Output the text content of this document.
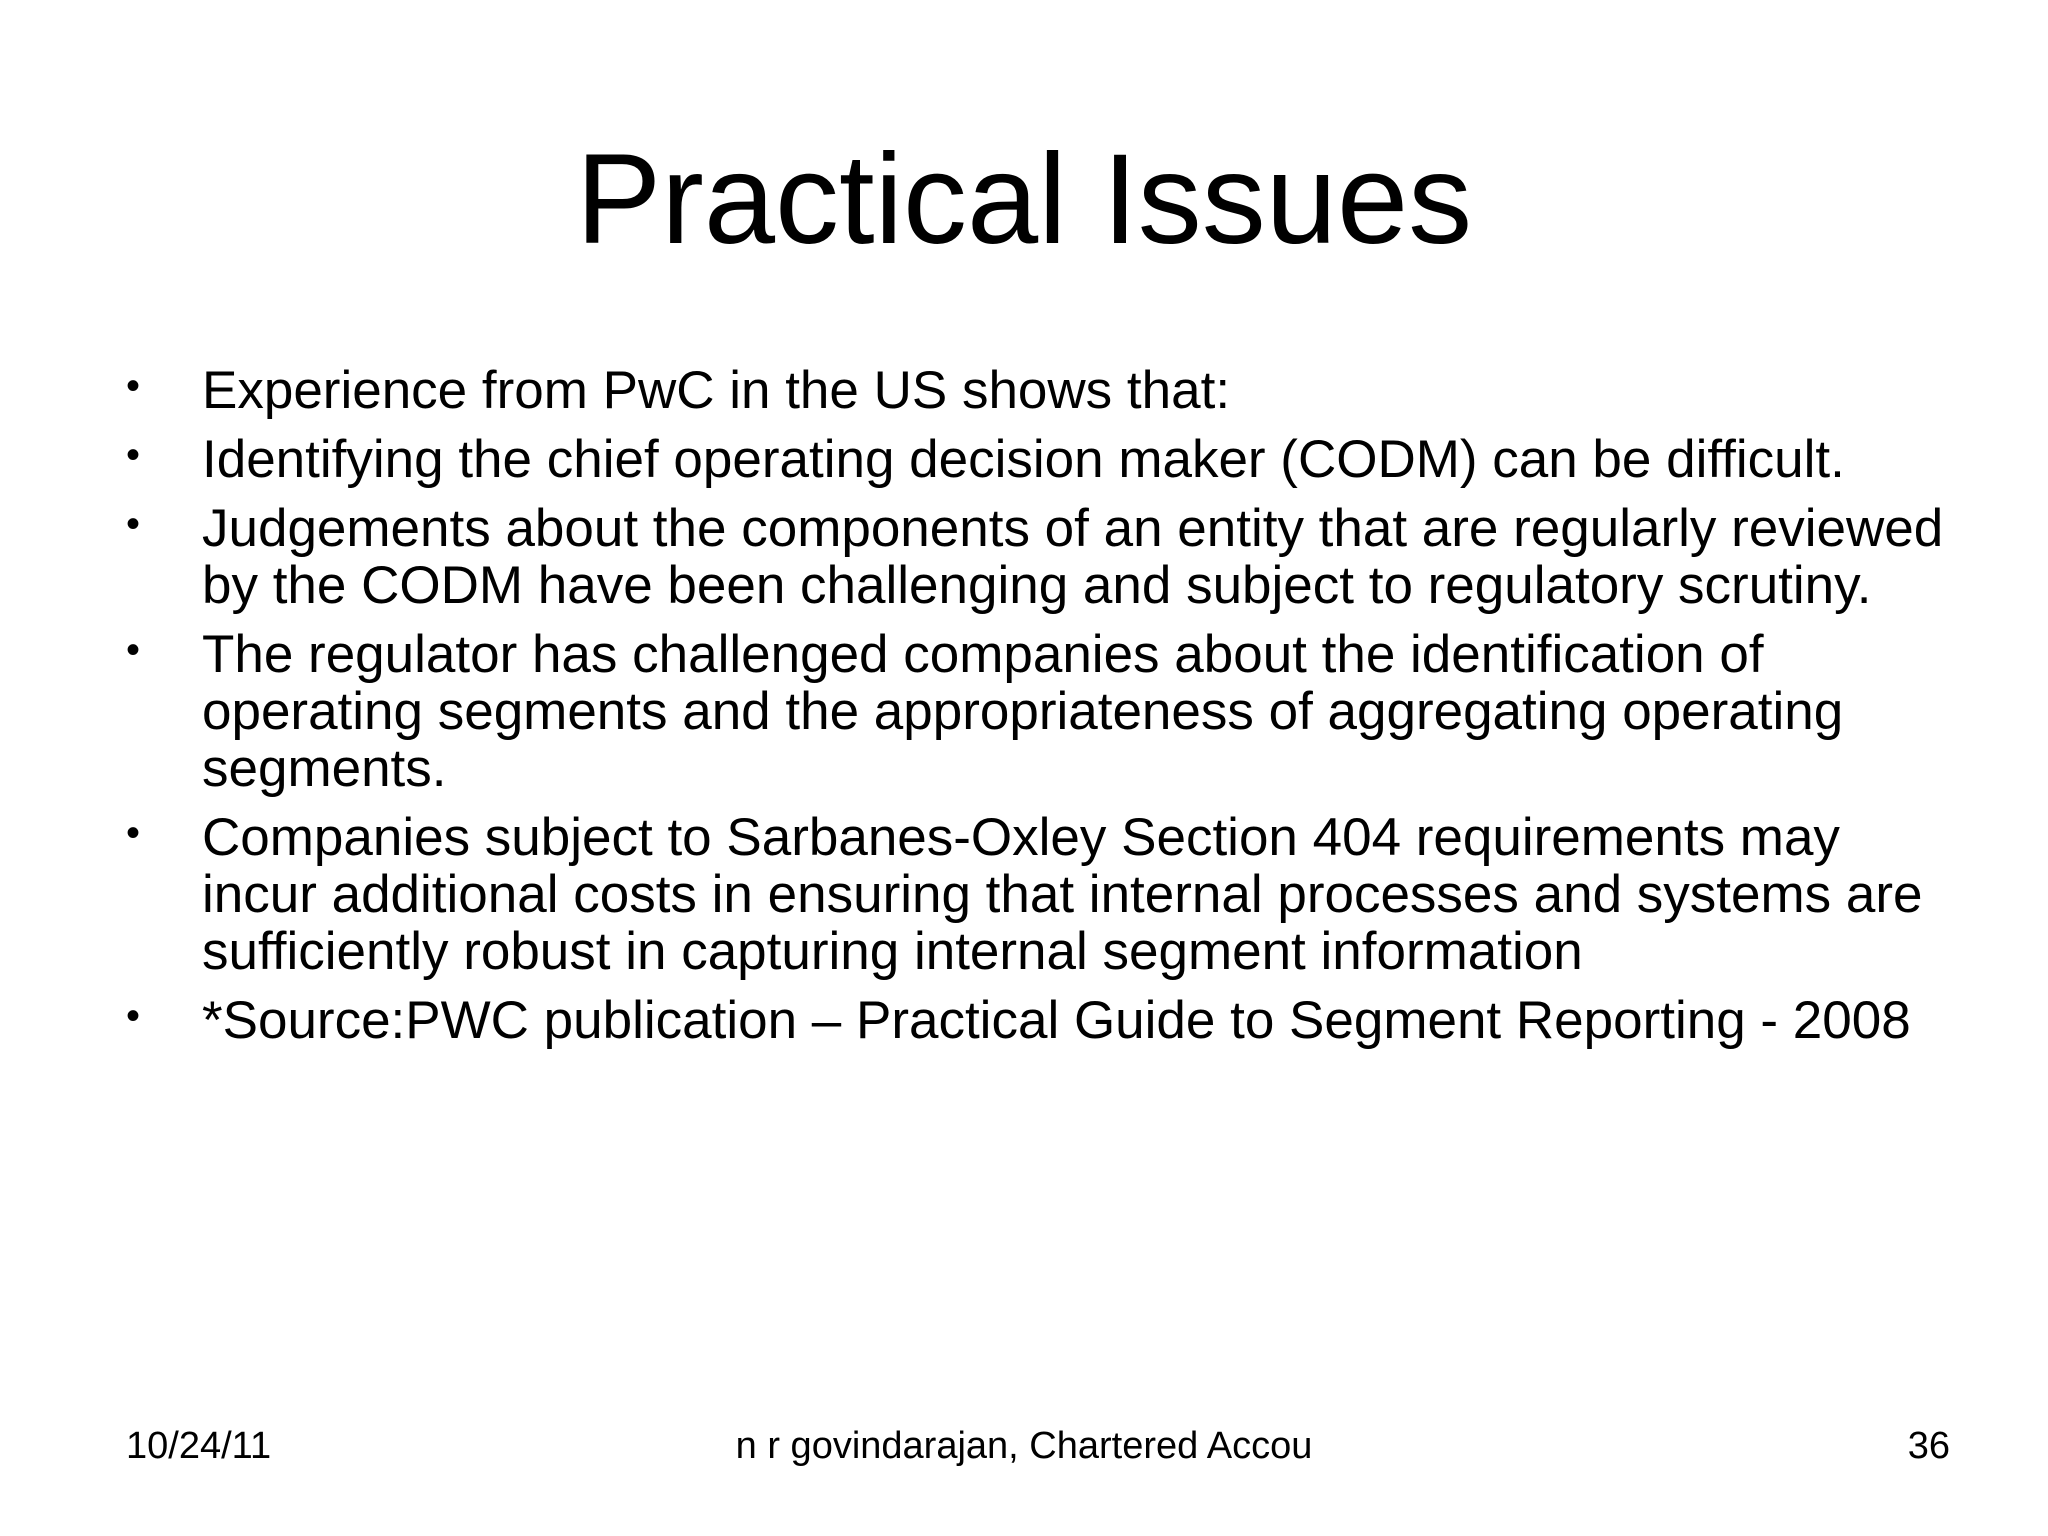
Practical Issues
• Experience from PwC in the US shows that:
• Identifying the chief operating decision maker (CODM) can be difficult.
• Judgements about the components of an entity that are regularly reviewed by the CODM have been challenging and subject to regulatory scrutiny.
• The regulator has challenged companies about the identification of operating segments and the appropriateness of aggregating operating segments.
• Companies subject to Sarbanes-Oxley Section 404 requirements may incur additional costs in ensuring that internal processes and systems are sufficiently robust in capturing internal segment information
• *Source:PWC publication – Practical Guide to Segment Reporting - 2008
10/24/11	n r govindarajan, Chartered Accou	36
